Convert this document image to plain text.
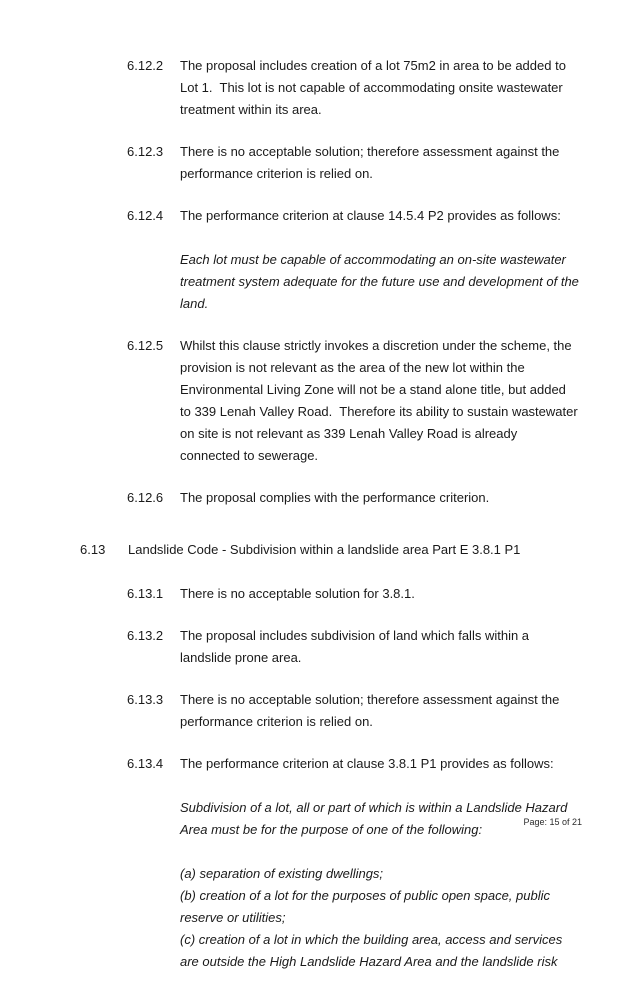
6.12.2	The proposal includes creation of a lot 75m2 in area to be added to Lot 1.  This lot is not capable of accommodating onsite wastewater treatment within its area.

6.12.3	There is no acceptable solution; therefore assessment against the performance criterion is relied on.

6.12.4	The performance criterion at clause 14.5.4 P2 provides as follows:

Each lot must be capable of accommodating an on-site wastewater treatment system adequate for the future use and development of the land.

6.12.5	Whilst this clause strictly invokes a discretion under the scheme, the provision is not relevant as the area of the new lot within the Environmental Living Zone will not be a stand alone title, but added to 339 Lenah Valley Road.  Therefore its ability to sustain wastewater on site is not relevant as 339 Lenah Valley Road is already connected to sewerage.

6.12.6	The proposal complies with the performance criterion.

6.13	Landslide Code - Subdivision within a landslide area Part E 3.8.1 P1

6.13.1	There is no acceptable solution for 3.8.1.

6.13.2	The proposal includes subdivision of land which falls within a landslide prone area.

6.13.3	There is no acceptable solution; therefore assessment against the performance criterion is relied on.

6.13.4	The performance criterion at clause 3.8.1 P1 provides as follows:

Subdivision of a lot, all or part of which is within a Landslide Hazard Area must be for the purpose of one of the following:

(a) separation of existing dwellings;

(b) creation of a lot for the purposes of public open space, public reserve or utilities;

(c) creation of a lot in which the building area, access and services are outside the High Landslide Hazard Area and the landslide risk

Page: 15 of 21
